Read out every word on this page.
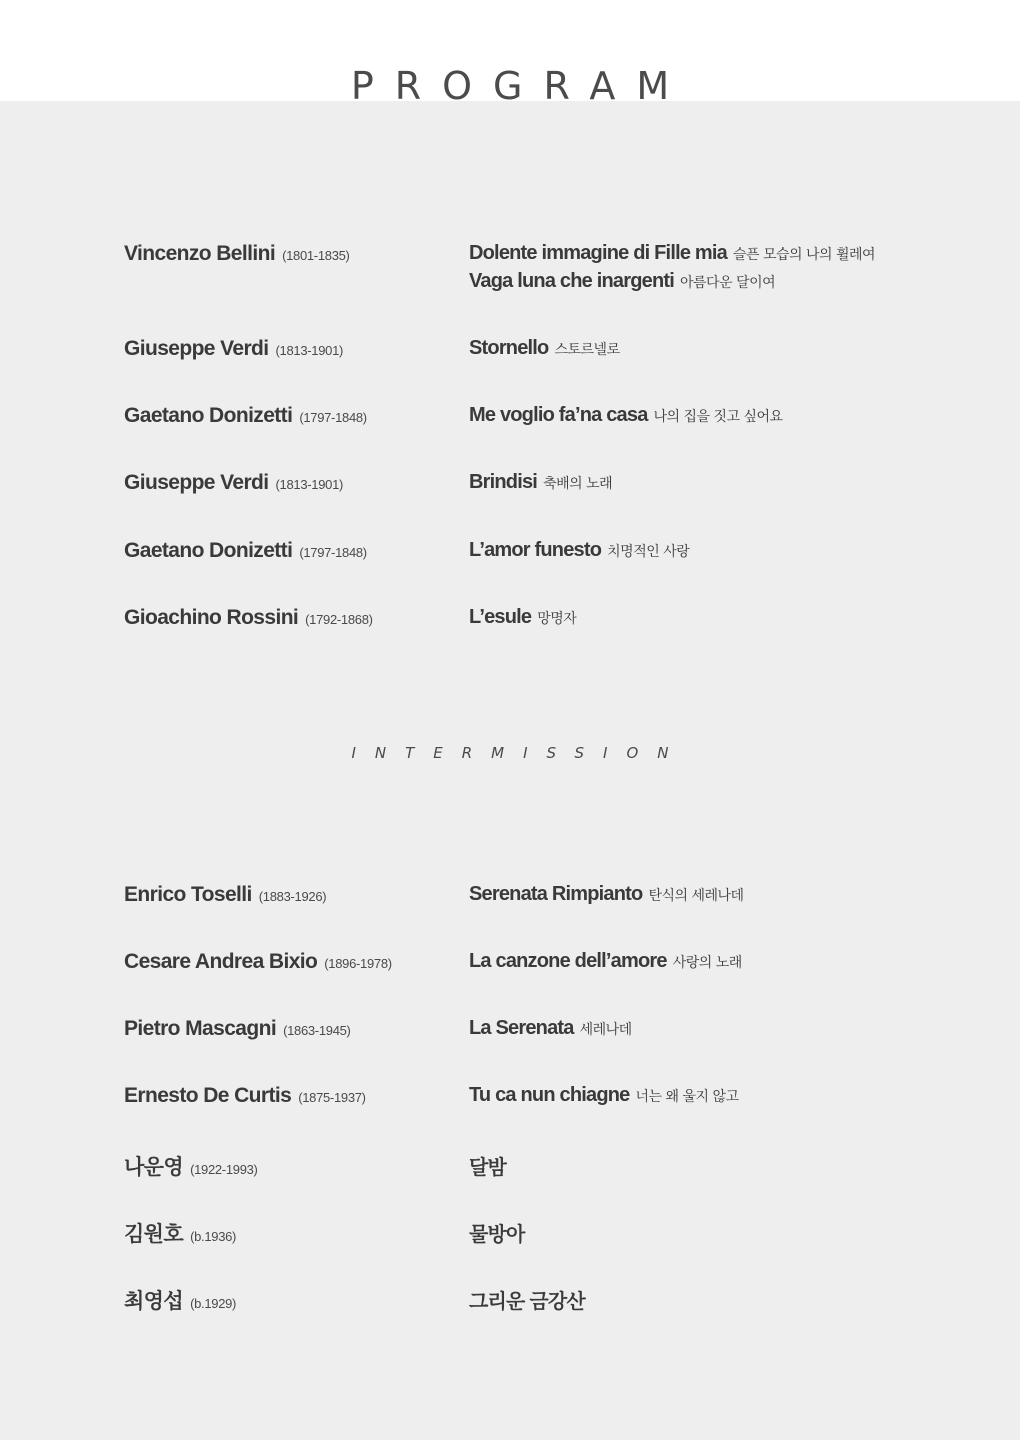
PROGRAM
Vincenzo Bellini (1801-1835)	Dolente immagine di Fille mia 슬픈 모습의 나의 휠레여
Vaga luna che inargenti 아름다운 달이여
Giuseppe Verdi (1813-1901)	Stornello 스토르넬로
Gaetano Donizetti (1797-1848)	Me voglio fa’na casa 나의 집을 짓고 싶어요
Giuseppe Verdi (1813-1901)	Brindisi 축배의 노래
Gaetano Donizetti (1797-1848)	L’amor funesto 치명적인 사랑
Gioachino Rossini (1792-1868)	L’esule 망명자
INTERMISSION
Enrico Toselli (1883-1926)	Serenata Rimpianto 탄식의 세레나데
Cesare Andrea Bixio (1896-1978)	La canzone dell’amore 사랑의 노래
Pietro Mascagni (1863-1945)	La Serenata 세레나데
Ernesto De Curtis (1875-1937)	Tu ca nun chiagne 너는 왜 울지 않고
나운영 (1922-1993)	달밤
김원호 (b.1936)	물방아
최영섭 (b.1929)	그리운 금강산
